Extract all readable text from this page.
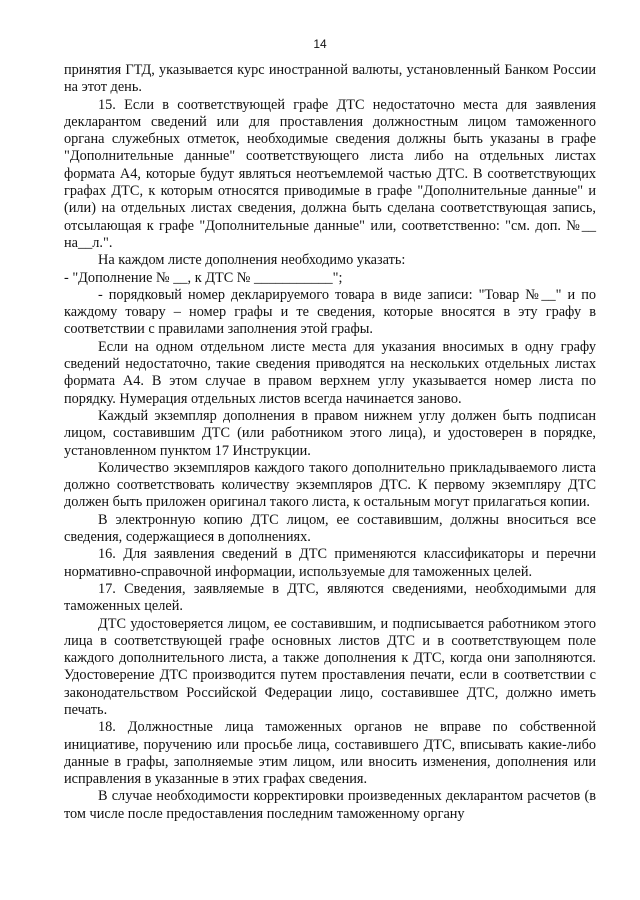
14

принятия ГТД, указывается курс иностранной валюты, установленный Банком России на этот день.

15. Если в соответствующей графе ДТС недостаточно места для заявления декларантом сведений или для проставления должностным лицом таможенного органа служебных отметок, необходимые сведения должны быть указаны в графе "Дополнительные данные" соответствующего листа либо на отдельных листах формата А4, которые будут являться неотъемлемой частью ДТС. В соответствующих графах ДТС, к которым относятся приводимые в графе "Дополнительные данные" и (или) на отдельных листах сведения, должна быть сделана соответствующая запись, отсылающая к графе "Дополнительные данные" или, соответственно: "см. доп. №__ на__л.".

На каждом листе дополнения необходимо указать:

- "Дополнение № __, к ДТС № ___________";

- порядковый номер декларируемого товара в виде записи: "Товар №__" и по каждому товару – номер графы и те сведения, которые вносятся в эту графу в соответствии с правилами заполнения этой графы.

Если на одном отдельном листе места для указания вносимых в одну графу сведений недостаточно, такие сведения приводятся на нескольких отдельных листах формата А4. В этом случае в правом верхнем углу указывается номер листа по порядку. Нумерация отдельных листов всегда начинается заново.

Каждый экземпляр дополнения в правом нижнем углу должен быть подписан лицом, составившим ДТС (или работником этого лица), и удостоверен в порядке, установленном пунктом 17 Инструкции.

Количество экземпляров каждого такого дополнительно прикладываемого листа должно соответствовать количеству экземпляров ДТС. К первому экземпляру ДТС должен быть приложен оригинал такого листа, к остальным могут прилагаться копии.

В электронную копию ДТС лицом, ее составившим, должны вноситься все сведения, содержащиеся в дополнениях.

16. Для заявления сведений в ДТС применяются классификаторы и перечни нормативно-справочной информации, используемые для таможенных целей.

17. Сведения, заявляемые в ДТС, являются сведениями, необходимыми для таможенных целей.

ДТС удостоверяется лицом, ее составившим, и подписывается работником этого лица в соответствующей графе основных листов ДТС и в соответствующем поле каждого дополнительного листа, а также дополнения к ДТС, когда они заполняются. Удостоверение ДТС производится путем проставления печати, если в соответствии с законодательством Российской Федерации лицо, составившее ДТС, должно иметь печать.

18. Должностные лица таможенных органов не вправе по собственной инициативе, поручению или просьбе лица, составившего ДТС, вписывать какие-либо данные в графы, заполняемые этим лицом, или вносить изменения, дополнения или исправления в указанные в этих графах сведения.

В случае необходимости корректировки произведенных декларантом расчетов (в том числе после предоставления последним таможенному органу
